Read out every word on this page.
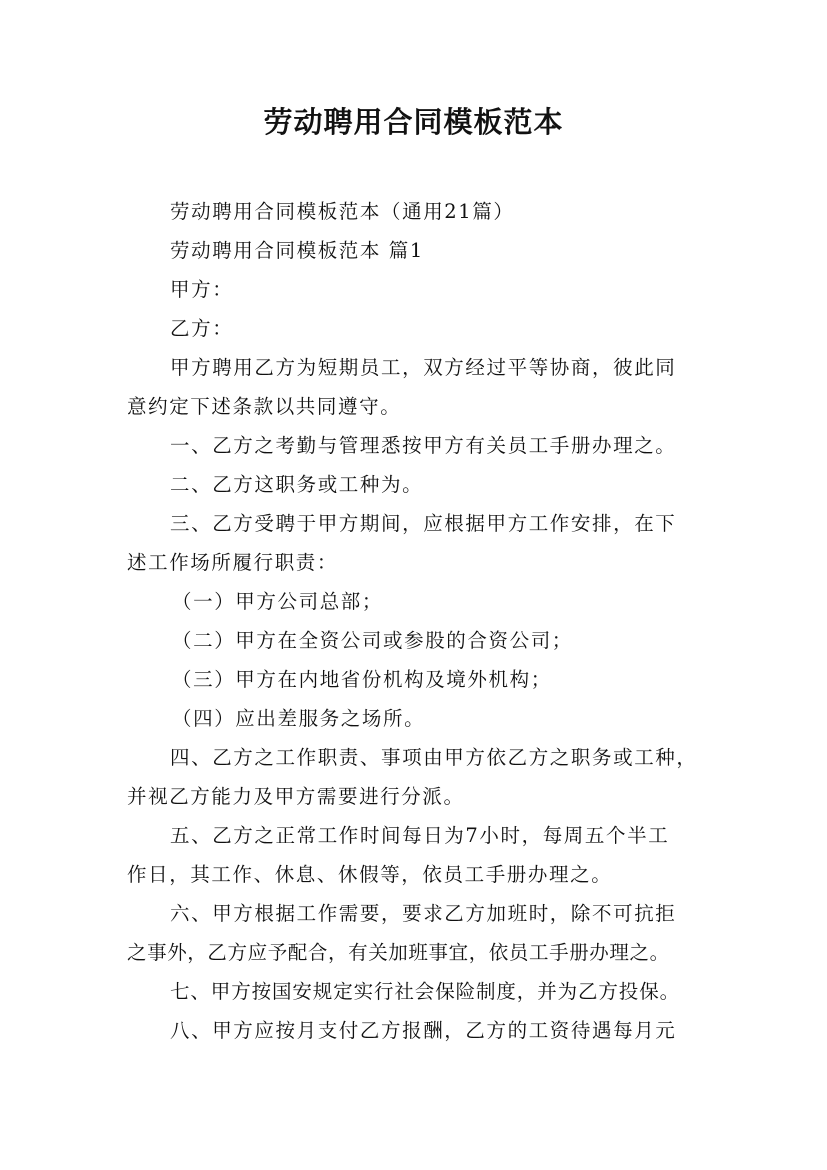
劳动聘用合同模板范本

劳动聘用合同模板范本（通用21篇）

劳动聘用合同模板范本 篇1

甲方：

乙方：

甲方聘用乙方为短期员工，双方经过平等协商，彼此同

意约定下述条款以共同遵守。

一、乙方之考勤与管理悉按甲方有关员工手册办理之。

二、乙方这职务或工种为。

三、乙方受聘于甲方期间，应根据甲方工作安排，在下

述工作场所履行职责：

（一）甲方公司总部；

（二）甲方在全资公司或参股的合资公司；

（三）甲方在内地省份机构及境外机构；

（四）应出差服务之场所。

四、乙方之工作职责、事项由甲方依乙方之职务或工种，

并视乙方能力及甲方需要进行分派。

五、乙方之正常工作时间每日为7小时，每周五个半工

作日，其工作、休息、休假等，依员工手册办理之。

六、甲方根据工作需要，要求乙方加班时，除不可抗拒

之事外，乙方应予配合，有关加班事宜，依员工手册办理之。

七、甲方按国安规定实行社会保险制度，并为乙方投保。

八、甲方应按月支付乙方报酬，乙方的工资待遇每月元
